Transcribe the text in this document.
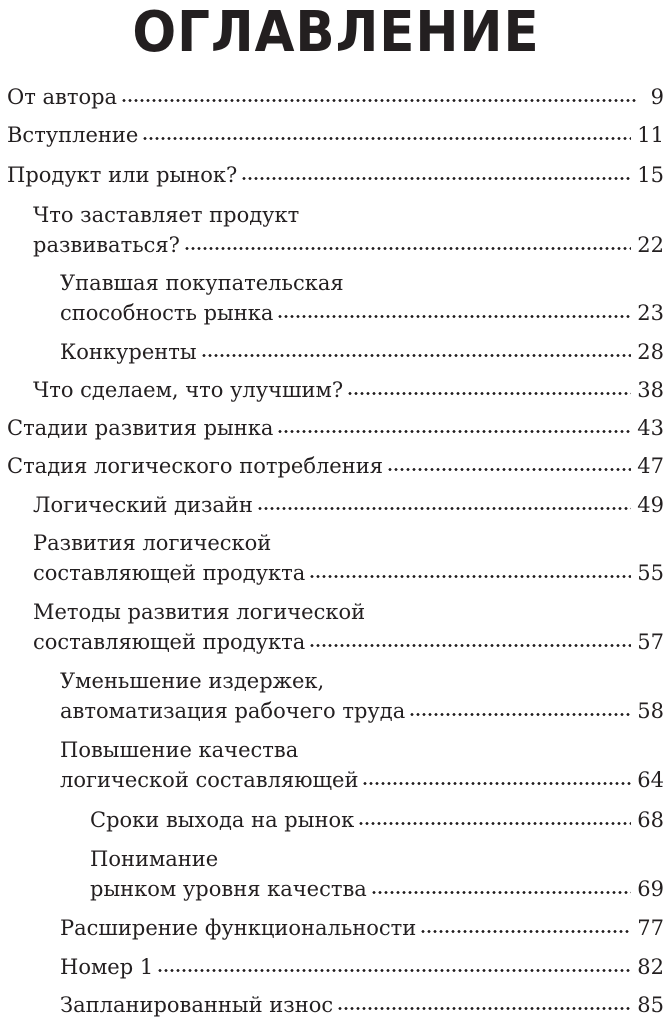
ОГЛАВЛЕНИЕ
От автора	9
Вступление	11
Продукт или рынок?	15
Что заставляет продукт
развиваться?	22
Упавшая покупательская
способность рынка	23
Конкуренты	28
Что сделаем, что улучшим?	38
Стадии развития рынка	43
Стадия логического потребления	47
Логический дизайн	49
Развития логической
составляющей продукта	55
Методы развития логической
составляющей продукта	57
Уменьшение издержек,
автоматизация рабочего труда	58
Повышение качества
логической составляющей	64
Сроки выхода на рынок	68
Понимание
рынком уровня качества	69
Расширение функциональности	77
Номер 1	82
Запланированный износ	85
